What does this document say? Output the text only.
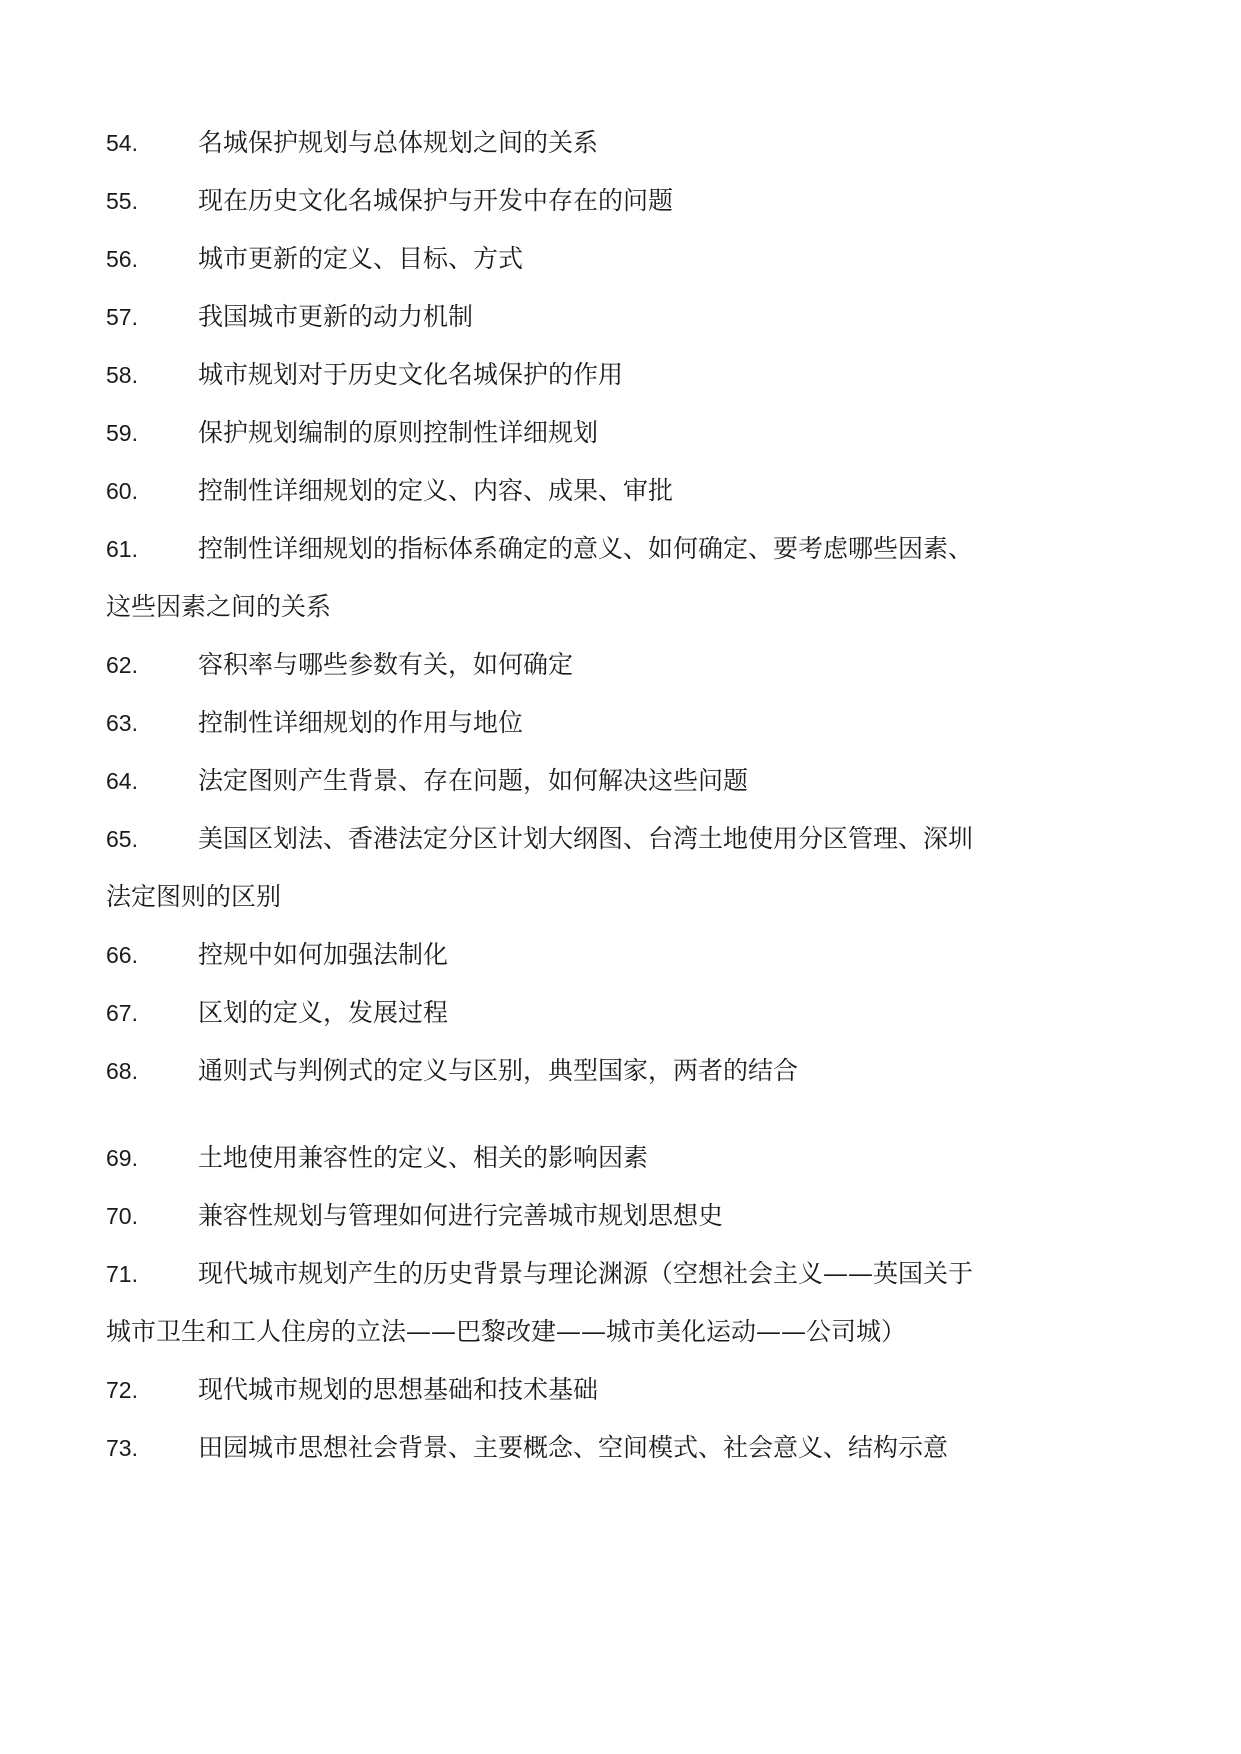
54. 名城保护规划与总体规划之间的关系
55. 现在历史文化名城保护与开发中存在的问题
56. 城市更新的定义、目标、方式
57. 我国城市更新的动力机制
58. 城市规划对于历史文化名城保护的作用
59. 保护规划编制的原则控制性详细规划
60. 控制性详细规划的定义、内容、成果、审批
61. 控制性详细规划的指标体系确定的意义、如何确定、要考虑哪些因素、
这些因素之间的关系
62. 容积率与哪些参数有关，如何确定
63. 控制性详细规划的作用与地位
64. 法定图则产生背景、存在问题，如何解决这些问题
65. 美国区划法、香港法定分区计划大纲图、台湾土地使用分区管理、深圳
法定图则的区别
66. 控规中如何加强法制化
67. 区划的定义，发展过程
68. 通则式与判例式的定义与区别，典型国家，两者的结合
69. 土地使用兼容性的定义、相关的影响因素
70. 兼容性规划与管理如何进行完善城市规划思想史
71. 现代城市规划产生的历史背景与理论渊源（空想社会主义——英国关于
城市卫生和工人住房的立法——巴黎改建——城市美化运动——公司城）
72. 现代城市规划的思想基础和技术基础
73. 田园城市思想社会背景、主要概念、空间模式、社会意义、结构示意
